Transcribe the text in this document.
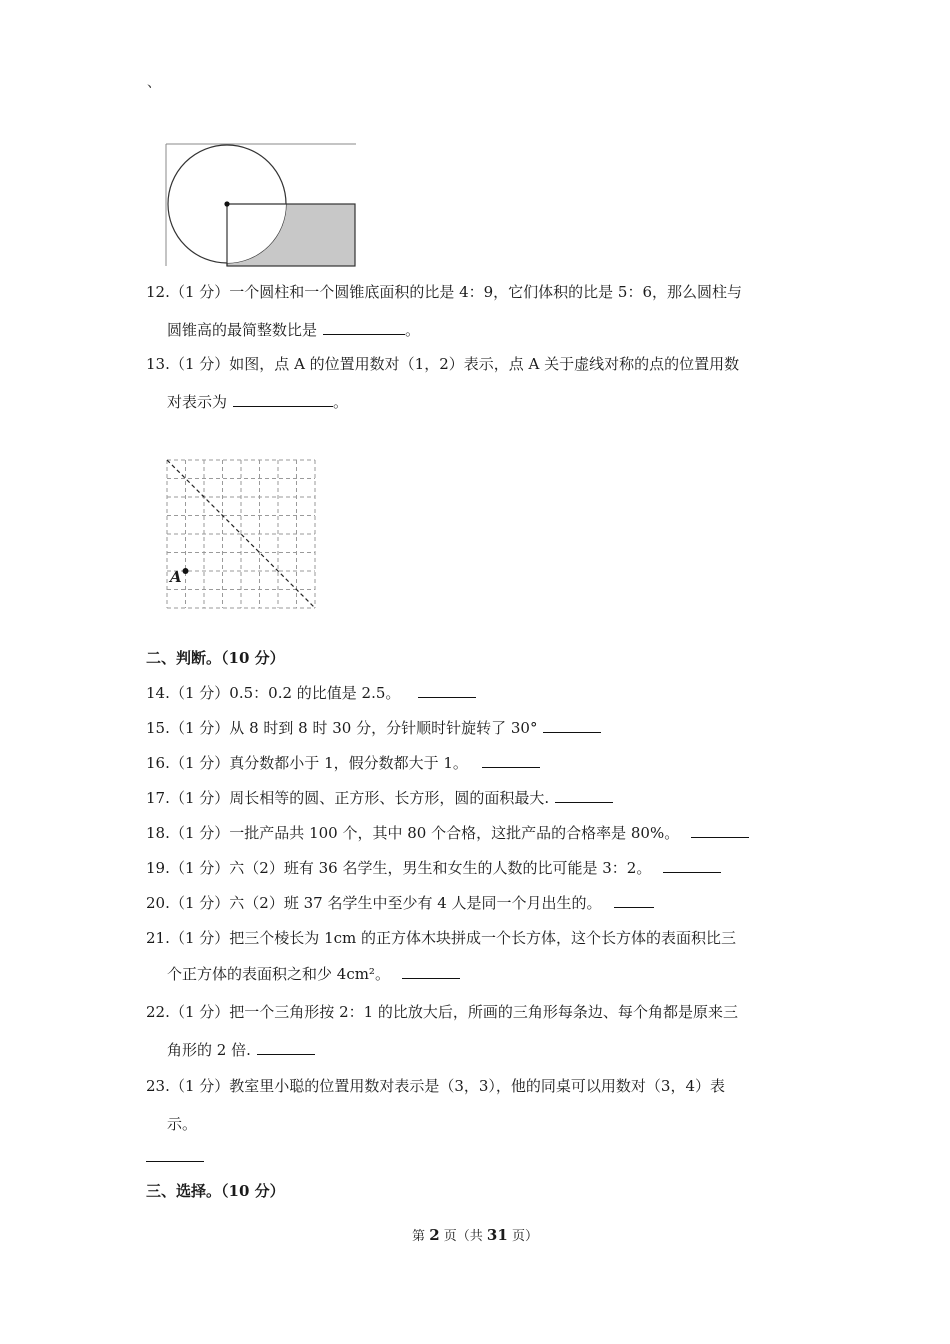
、
12.（1 分）一个圆柱和一个圆锥底面积的比是 4：9，它们体积的比是 5：6，那么圆柱与
圆锥高的最简整数比是	。
13.（1 分）如图，点 A 的位置用数对（1，2）表示，点 A 关于虚线对称的点的位置用数
对表示为	。
A
二、判断。（10 分）
14.（1 分）0.5：0.2 的比值是 2.5。
15.（1 分）从 8 时到 8 时 30 分，分针顺时针旋转了 30°
16.（1 分）真分数都小于 1，假分数都大于 1。
17.（1 分）周长相等的圆、正方形、长方形，圆的面积最大.
18.（1 分）一批产品共 100 个，其中 80 个合格，这批产品的合格率是 80%。
19.（1 分）六（2）班有 36 名学生，男生和女生的人数的比可能是 3：2。
20.（1 分）六（2）班 37 名学生中至少有 4 人是同一个月出生的。
21.（1 分）把三个棱长为 1cm 的正方体木块拼成一个长方体，这个长方体的表面积比三
个正方体的表面积之和少 4cm²。
22.（1 分）把一个三角形按 2：1 的比放大后，所画的三角形每条边、每个角都是原来三
角形的 2 倍.
23.（1 分）教室里小聪的位置用数对表示是（3，3），他的同桌可以用数对（3，4）表
示。
三、选择。（10 分）
第 2 页（共 31 页）
